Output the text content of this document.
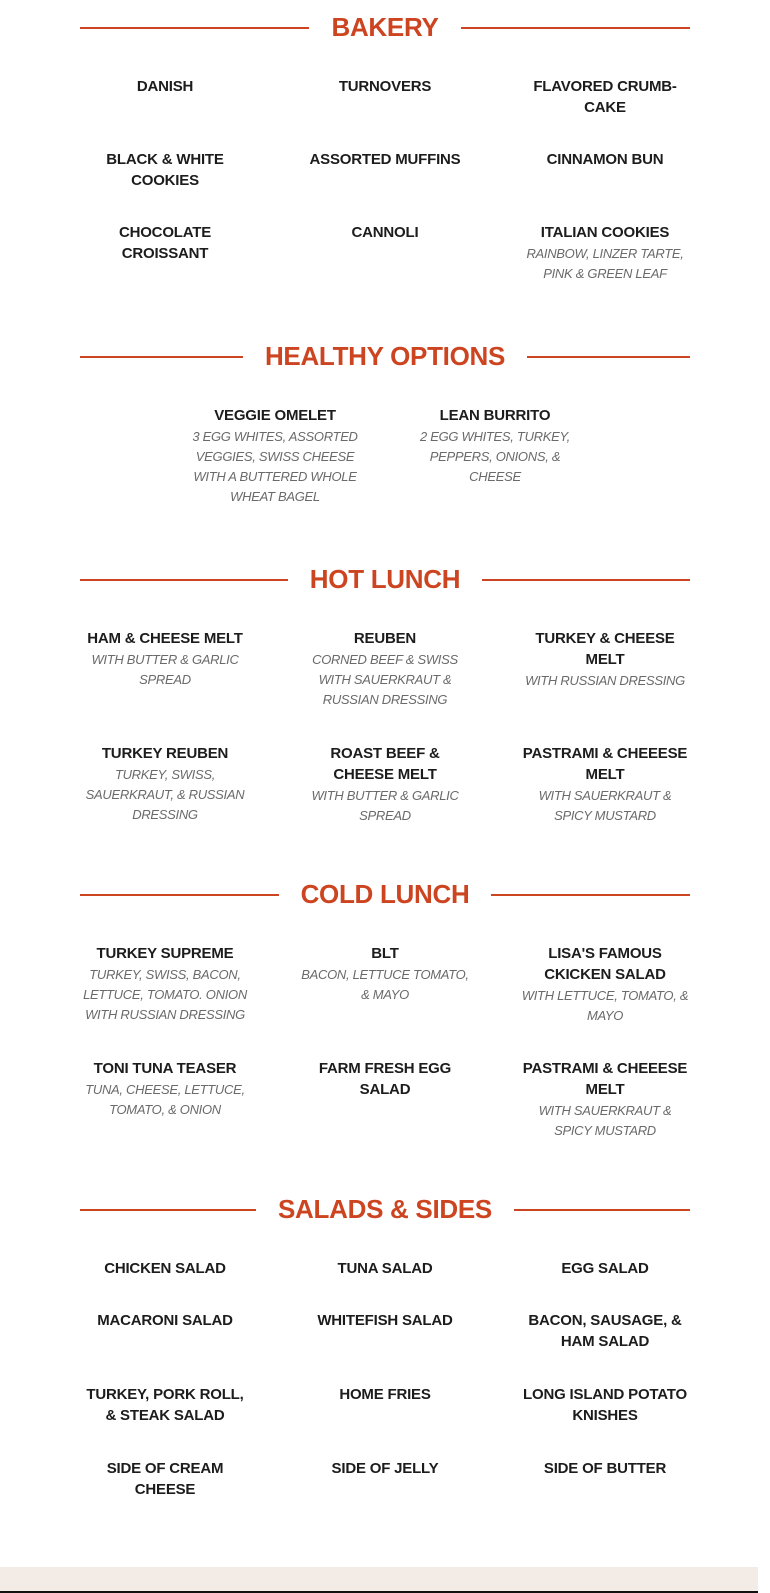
BAKERY
DANISH	TURNOVERS	FLAVORED CRUMB-CAKE
BLACK & WHITE COOKIES
ASSORTED MUFFINS	CINNAMON BUN
CHOCOLATE CROISSANT
CANNOLI	ITALIAN COOKIES
RAINBOW, LINZER TARTE, PINK & GREEN LEAF
HEALTHY OPTIONS
VEGGIE OMELET
3 EGG WHITES, ASSORTED VEGGIES, SWISS CHEESE WITH A BUTTERED WHOLE WHEAT BAGEL
LEAN BURRITO
2 EGG WHITES, TURKEY, PEPPERS, ONIONS, & CHEESE
HOT LUNCH
HAM & CHEESE MELT
WITH BUTTER & GARLIC SPREAD
REUBEN
CORNED BEEF & SWISS WITH SAUERKRAUT & RUSSIAN DRESSING
TURKEY & CHEESE MELT
WITH RUSSIAN DRESSING
TURKEY REUBEN
TURKEY, SWISS, SAUERKRAUT, & RUSSIAN DRESSING
ROAST BEEF & CHEESE MELT
WITH BUTTER & GARLIC SPREAD
PASTRAMI & CHEEESE MELT
WITH SAUERKRAUT & SPICY MUSTARD
COLD LUNCH
TURKEY SUPREME
TURKEY, SWISS, BACON, LETTUCE, TOMATO. ONION WITH RUSSIAN DRESSING
BLT
BACON, LETTUCE TOMATO, & MAYO
LISA'S FAMOUS CKICKEN SALAD
WITH LETTUCE, TOMATO, & MAYO
TONI TUNA TEASER
TUNA, CHEESE, LETTUCE, TOMATO, & ONION
FARM FRESH EGG SALAD
PASTRAMI & CHEEESE MELT
WITH SAUERKRAUT & SPICY MUSTARD
SALADS & SIDES
CHICKEN SALAD	TUNA SALAD	EGG SALAD
MACARONI SALAD	WHITEFISH SALAD	BACON, SAUSAGE, & HAM SALAD
TURKEY, PORK ROLL, & STEAK SALAD
HOME FRIES	LONG ISLAND POTATO KNISHES
SIDE OF CREAM CHEESE
SIDE OF JELLY	SIDE OF BUTTER
